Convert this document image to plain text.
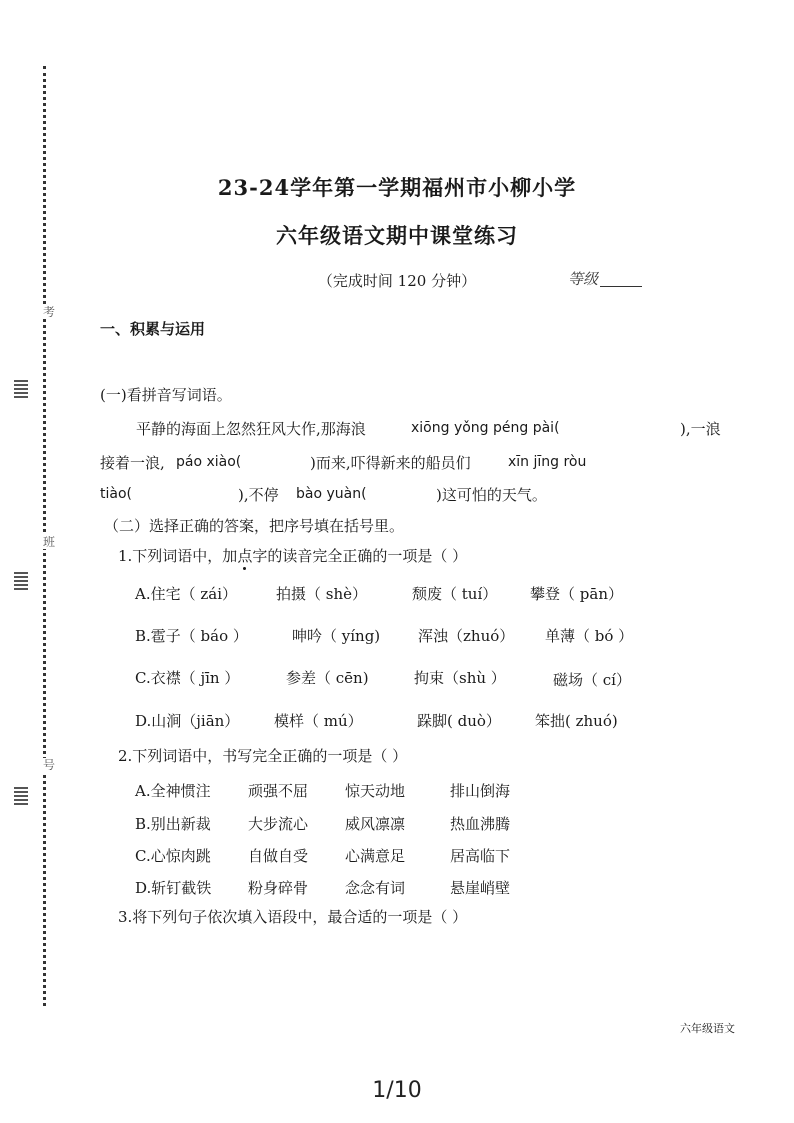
考
班
号
23-24学年第一学期福州市小柳小学
六年级语文期中课堂练习
（完成时间 120 分钟）	等级
一、积累与运用
(一)看拼音写词语。
平静的海面上忽然狂风大作,那海浪	xiōng yǒng péng pài(	),一浪
接着一浪, páo xiào(	)而来,吓得新来的船员们	xīn jīng ròu
tiào(	),不停 bào yuàn(	)这可怕的天气。
（二）选择正确的答案，把序号填在括号里。
1.下列词语中，加点字的读音完全正确的一项是（ ）
A.住宅（ zái）	拍摄（ shè）	颓废（ tuí） 攀登（ pān）
B.雹子（ báo ）	呻吟（ yíng)	浑浊（zhuó） 单薄（ bó ）
C.衣襟（ jīn ）	参差（ cēn)	拘束（shù ）	磁场（ cí）
D.山涧（jiān） 模样（ mú）	跺脚( duò） 笨拙( zhuó)
2.下列词语中，书写完全正确的一项是（ ）
A.全神惯注 顽强不屈 惊天动地	排山倒海
B.别出新裁 大步流心 威风凛凛	热血沸腾
C.心惊肉跳 自做自受 心满意足	居高临下
D.斩钉截铁 粉身碎骨 念念有词	悬崖峭壁
3.将下列句子依次填入语段中，最合适的一项是（ ）
六年级语文
1/10
